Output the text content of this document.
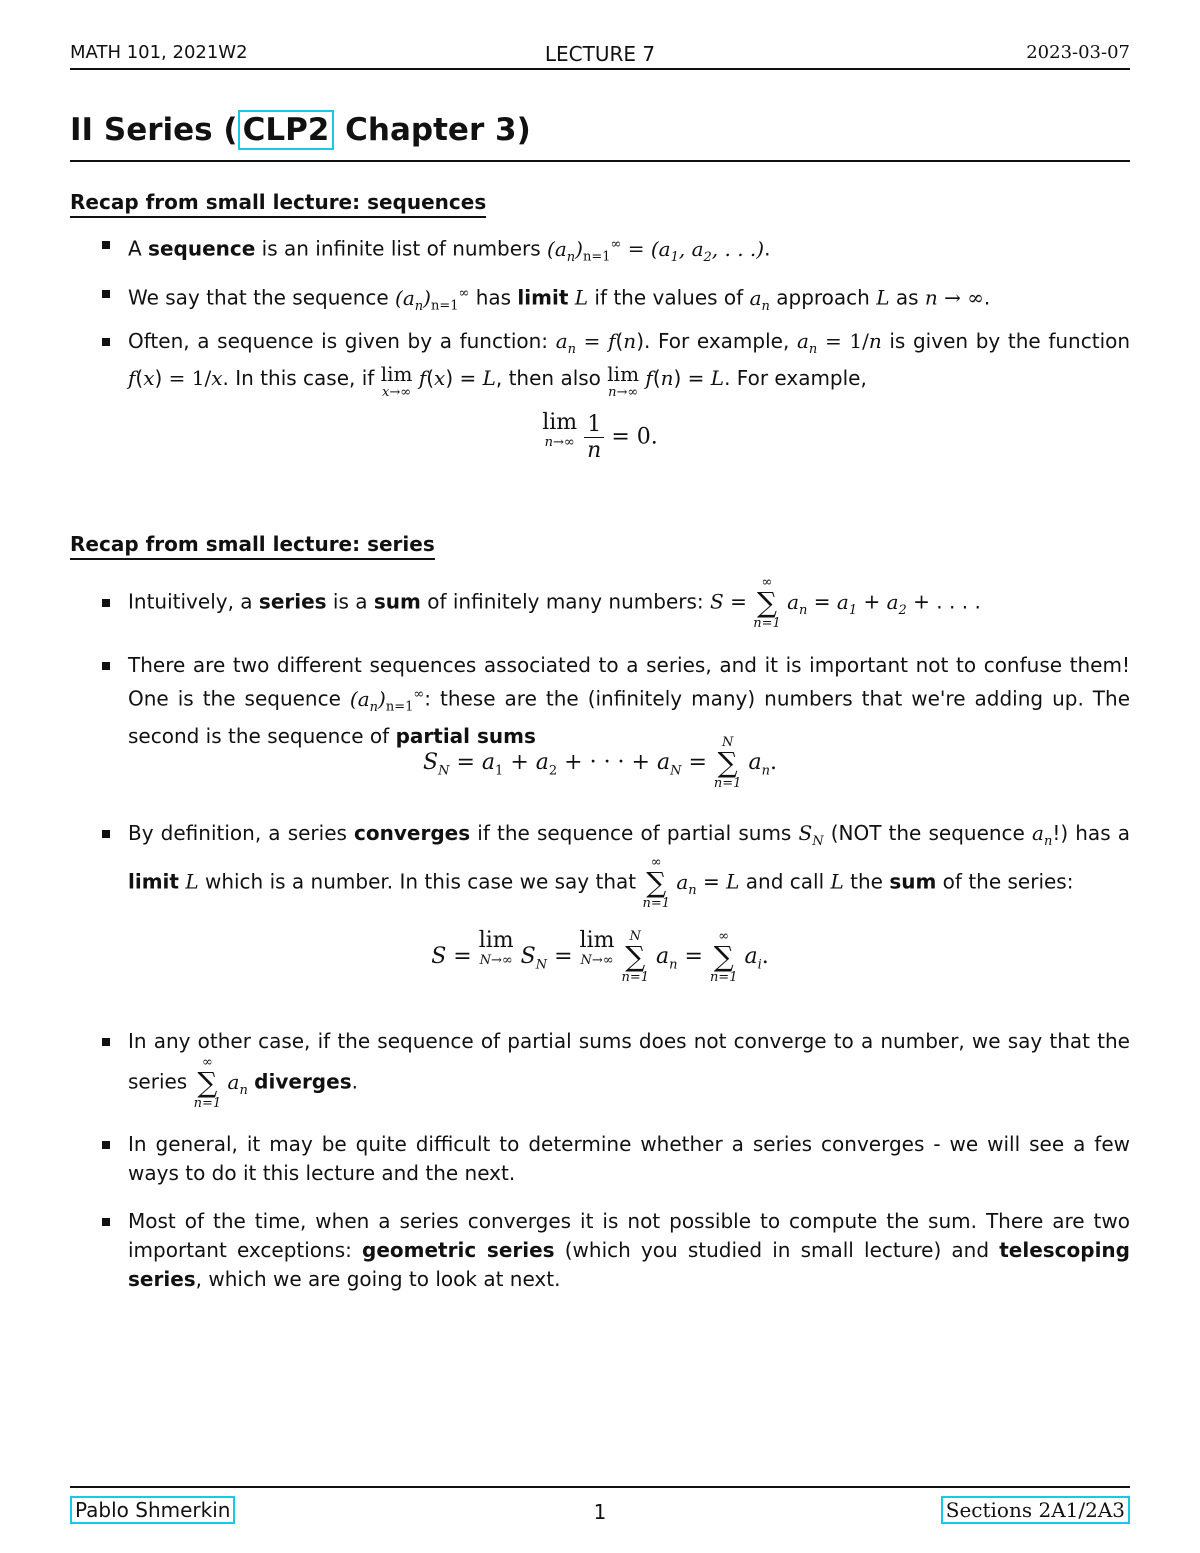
MATH 101, 2021W2	LECTURE 7	2023-03-07
II Series ( CLP2 Chapter 3)
Recap from small lecture: sequences
A sequence is an infinite list of numbers $(a_n)_{n=1}^\infty = (a_1$, $a_2$, . . .).
We say that the sequence $(a_n)_{n=1}^\infty$ has limit L if the values of $a_n$ approach L as n → ∞.
Often, a sequence is given by a function: $a_n = f(n)$. For example, $a_n = 1/n$ is given by the function f(x) = 1/x. In this case, if lim
x→∞
f(x) = L, then also lim
n→∞
f(n) = L. For example,
lim
n→∞
$\frac{1}{n} = 0$.
Recap from small lecture: series
Intuitively, a series is a sum of infinitely many numbers: S =
∞
∑
n=1
$a_n = a_1 + a_2$ + . . . .
There are two different sequences associated to a series, and it is important not to confuse them! One is the sequence $(a_n)_{n=1}^\infty$: these are the (infinitely many) numbers that we're adding up. The second is the sequence of partial sums
$S_N = a_1 + a_2$ + · · · + $a_N$ =
N
∑
n=1
$a_n$.
By definition, a series converges if the sequence of partial sums $S_N$ (NOT the sequence $a_n$!) has a limit L which is a number. In this case we say that
∞
∑
n=1
$a_n = L$ and call L the sum of the series:
S = lim
N→∞ $S_N = \lim$
N→∞

N
∑
n=1
$a_n$ =
∞
∑
n=1
$a_i$.
In any other case, if the sequence of partial sums does not converge to a number, we say that the series
∞
∑
n=1
$a_n$ diverges.
In general, it may be quite difficult to determine whether a series converges - we will see a few ways to do it this lecture and the next.
Most of the time, when a series converges it is not possible to compute the sum. There are two important exceptions: geometric series (which you studied in small lecture) and telescoping series, which we are going to look at next.
Pablo Shmerkin	1	Sections 2A1/2A3
